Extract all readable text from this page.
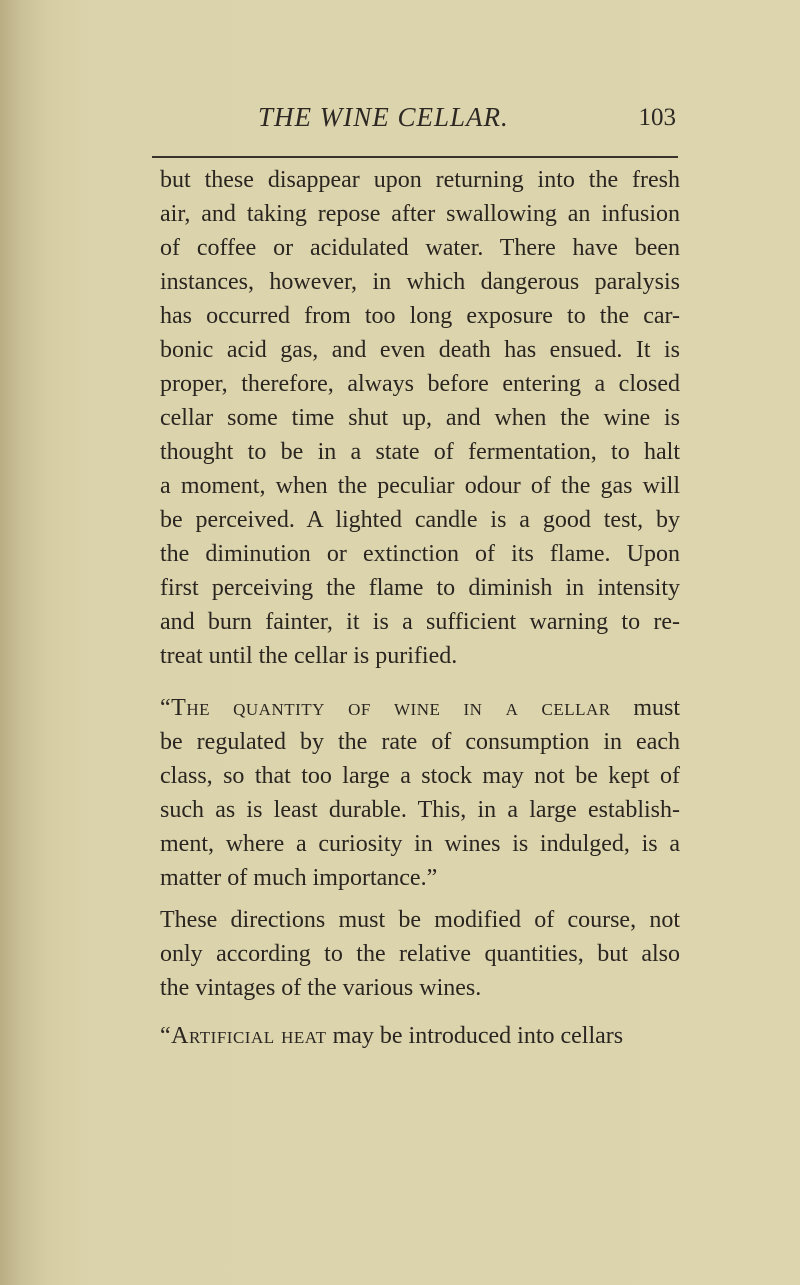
THE WINE CELLAR.	103

but these disappear upon returning into the fresh
air, and taking repose after swallowing an infusion
of coffee or acidulated water. There have been
instances, however, in which dangerous paralysis
has occurred from too long exposure to the car-
bonic acid gas, and even death has ensued. It is
proper, therefore, always before entering a closed
cellar some time shut up, and when the wine is
thought to be in a state of fermentation, to halt
a moment, when the peculiar odour of the gas will
be perceived. A lighted candle is a good test, by
the diminution or extinction of its flame. Upon
first perceiving the flame to diminish in intensity
and burn fainter, it is a sufficient warning to re-
treat until the cellar is purified.

“The quantity of wine in a cellar must
be regulated by the rate of consumption in each
class, so that too large a stock may not be kept of
such as is least durable. This, in a large establish-
ment, where a curiosity in wines is indulged, is a
matter of much importance.”

These directions must be modified of course, not
only according to the relative quantities, but also
the vintages of the various wines.

“Artificial heat may be introduced into cellars
